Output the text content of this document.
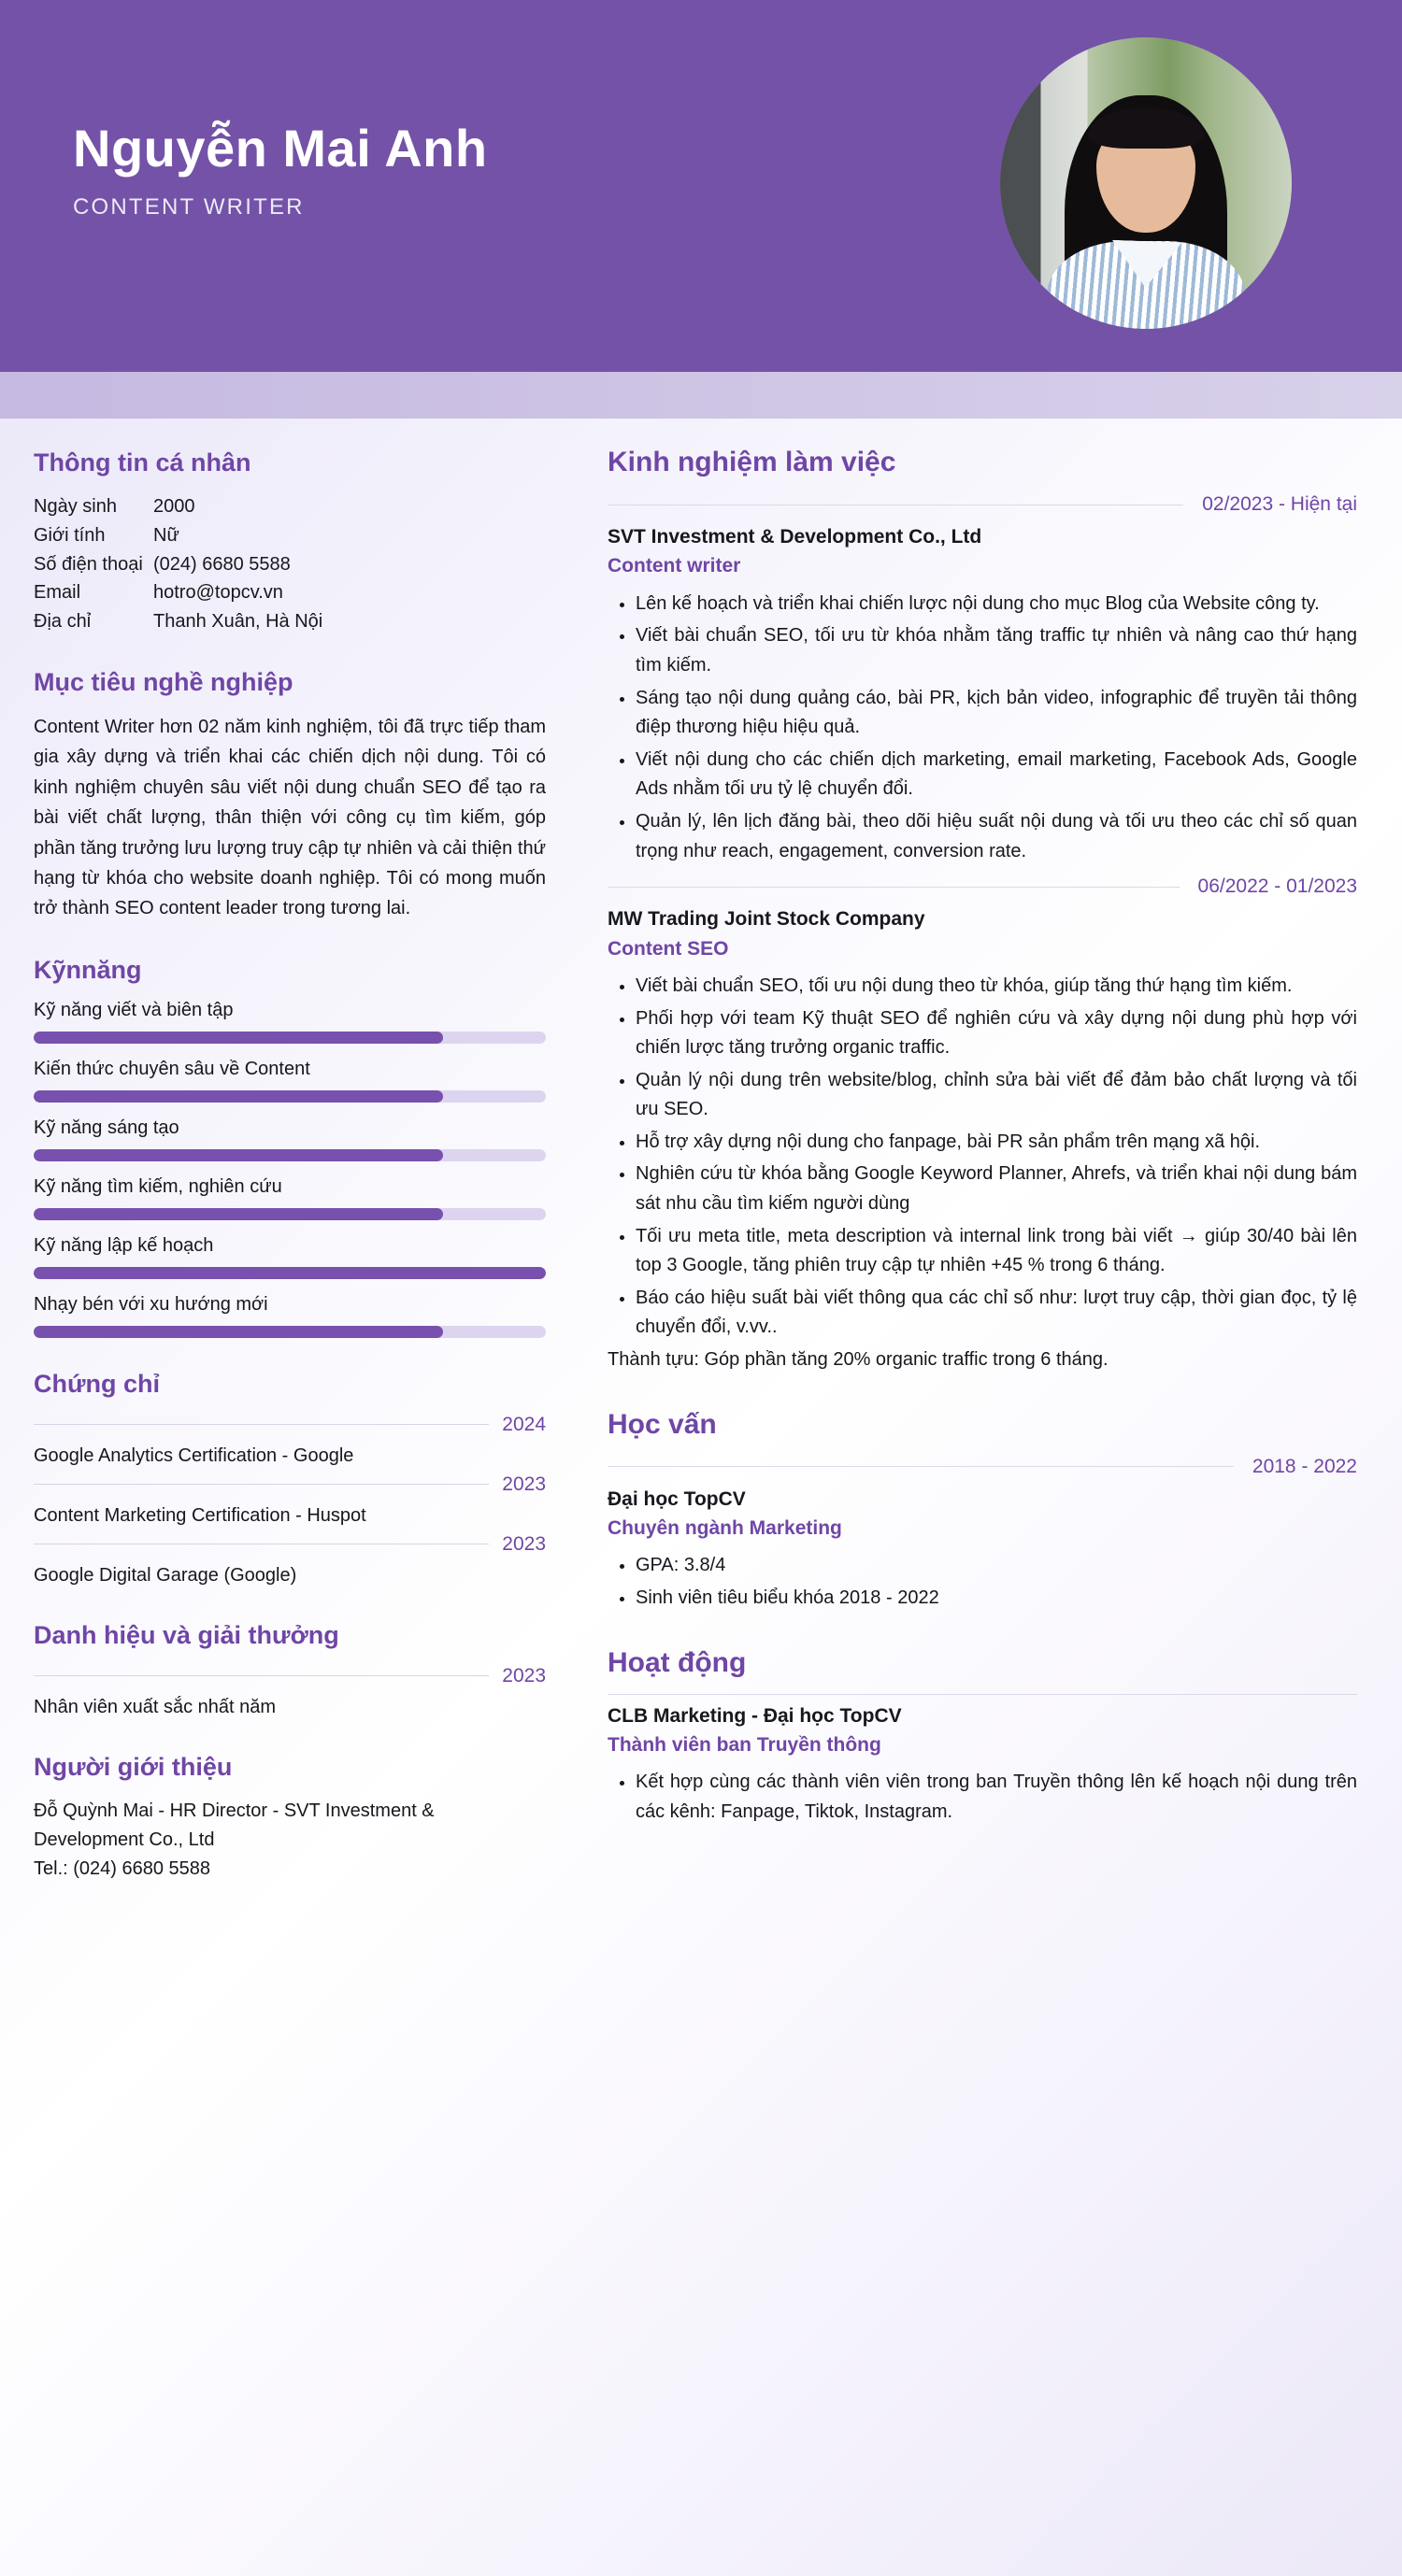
Nguyễn Mai Anh
CONTENT WRITER
Thông tin cá nhân
Ngày sinh	2000
Giới tính	Nữ
Số điện thoại (024) 6680 5588
Email	hotro@topcv.vn
Địa chỉ	Thanh Xuân, Hà Nội
Mục tiêu nghề nghiệp
Content Writer hơn 02 năm kinh nghiệm, tôi đã trực tiếp tham gia xây dựng và triển khai các chiến dịch nội dung. Tôi có kinh nghiệm chuyên sâu viết nội dung chuẩn SEO để tạo ra bài viết chất lượng, thân thiện với công cụ tìm kiếm, góp phần tăng trưởng lưu lượng truy cập tự nhiên và cải thiện thứ hạng từ khóa cho website doanh nghiệp. Tôi có mong muốn trở thành SEO content leader trong tương lai.
Kỹnnăng
Kỹ năng viết và biên tập
Kiến thức chuyên sâu về Content
Kỹ năng sáng tạo
Kỹ năng tìm kiếm, nghiên cứu
Kỹ năng lập kế hoạch
Nhạy bén với xu hướng mới
Chứng chỉ
2024
Google Analytics Certification - Google
2023
Content Marketing Certification - Huspot
2023
Google Digital Garage (Google)
Danh hiệu và giải thưởng
2023
Nhân viên xuất sắc nhất năm
Người giới thiệu
Đỗ Quỳnh Mai - HR Director - SVT Investment & Development Co., Ltd
Tel.: (024) 6680 5588
Kinh nghiệm làm việc
02/2023 - Hiện tại
SVT Investment & Development Co., Ltd
Content writer
• Lên kế hoạch và triển khai chiến lược nội dung cho mục Blog của Website công ty.
• Viết bài chuẩn SEO, tối ưu từ khóa nhằm tăng traffic tự nhiên và nâng cao thứ hạng tìm kiếm.
• Sáng tạo nội dung quảng cáo, bài PR, kịch bản video, infographic để truyền tải thông điệp thương hiệu hiệu quả.
• Viết nội dung cho các chiến dịch marketing, email marketing, Facebook Ads, Google Ads nhằm tối ưu tỷ lệ chuyển đổi.
• Quản lý, lên lịch đăng bài, theo dõi hiệu suất nội dung và tối ưu theo các chỉ số quan trọng như reach, engagement, conversion rate.
06/2022 - 01/2023
MW Trading Joint Stock Company
Content SEO
• Viết bài chuẩn SEO, tối ưu nội dung theo từ khóa, giúp tăng thứ hạng tìm kiếm.
• Phối hợp với team Kỹ thuật SEO để nghiên cứu và xây dựng nội dung phù hợp với chiến lược tăng trưởng organic traffic.
• Quản lý nội dung trên website/blog, chỉnh sửa bài viết để đảm bảo chất lượng và tối ưu SEO.
• Hỗ trợ xây dựng nội dung cho fanpage, bài PR sản phẩm trên mạng xã hội.
• Nghiên cứu từ khóa bằng Google Keyword Planner, Ahrefs, và triển khai nội dung bám sát nhu cầu tìm kiếm người dùng
• Tối ưu meta title, meta description và internal link trong bài viết → giúp 30/40 bài lên top 3 Google, tăng phiên truy cập tự nhiên +45 % trong 6 tháng.
• Báo cáo hiệu suất bài viết thông qua các chỉ số như: lượt truy cập, thời gian đọc, tỷ lệ chuyển đổi, v.vv..
Thành tựu: Góp phần tăng 20% organic traffic trong 6 tháng.
Học vấn
2018 - 2022
Đại học TopCV
Chuyên ngành Marketing
• GPA: 3.8/4
• Sinh viên tiêu biểu khóa 2018 - 2022
Hoạt động
CLB Marketing - Đại học TopCV
Thành viên ban Truyền thông
• Kết hợp cùng các thành viên viên trong ban Truyền thông lên kế hoạch nội dung trên các kênh: Fanpage, Tiktok, Instagram.
